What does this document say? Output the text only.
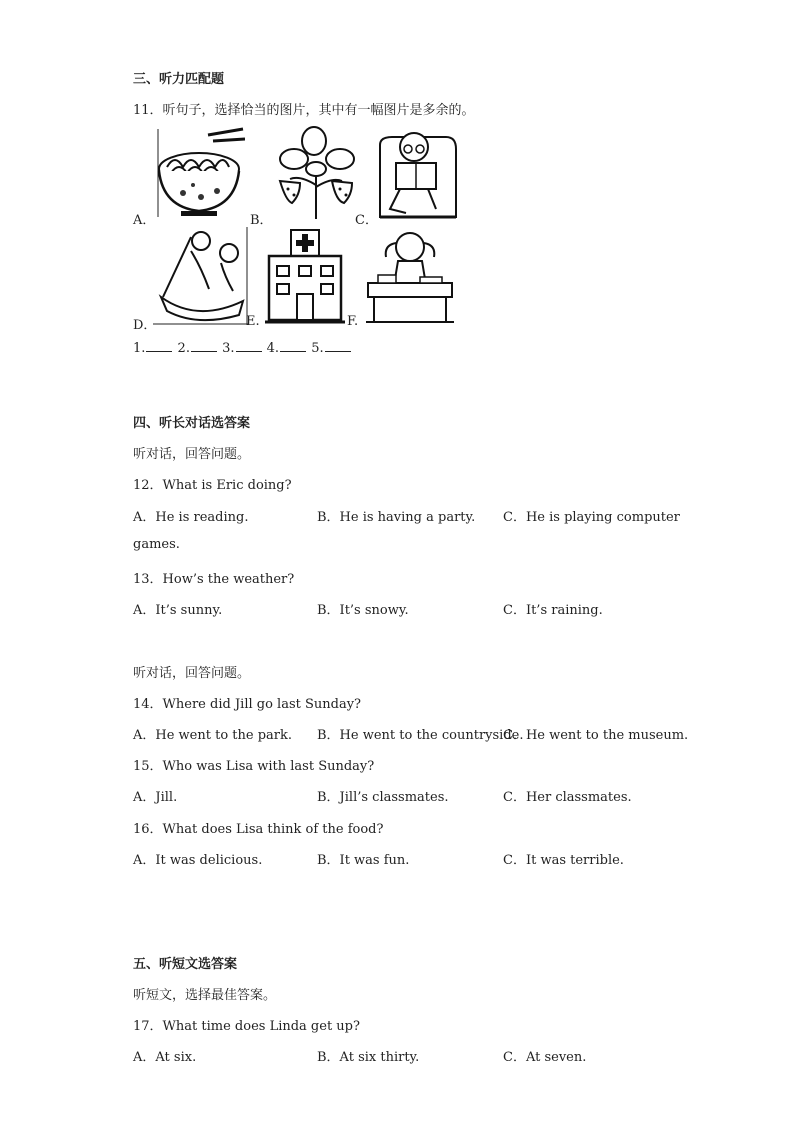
三、听力匹配题
11．听句子，选择恰当的图片，其中有一幅图片是多余的。
A．	B．	C．
D．	E.	F.
1. 2. 3. 4. 5.
四、听长对话选答案
听对话，回答问题。
12．What is Eric doing?
A．He is reading.	B．He is having a party. C．He is playing computer
games.
13．How’s the weather?
A．It’s sunny.	B．It’s snowy.	C．It’s raining.
听对话，回答问题。
14．Where did Jill go last Sunday?
A．He went to the park. B．He went to the countryside.
C．He went to the museum.
15．Who was Lisa with last Sunday?
A．Jill.	B．Jill’s classmates.	C．Her classmates.
16．What does Lisa think of the food?
A．It was delicious.	B．It was fun.	C．It was terrible.
五、听短文选答案
听短文，选择最佳答案。
17．What time does Linda get up?
A．At six.	B．At six thirty.	C．At seven.
